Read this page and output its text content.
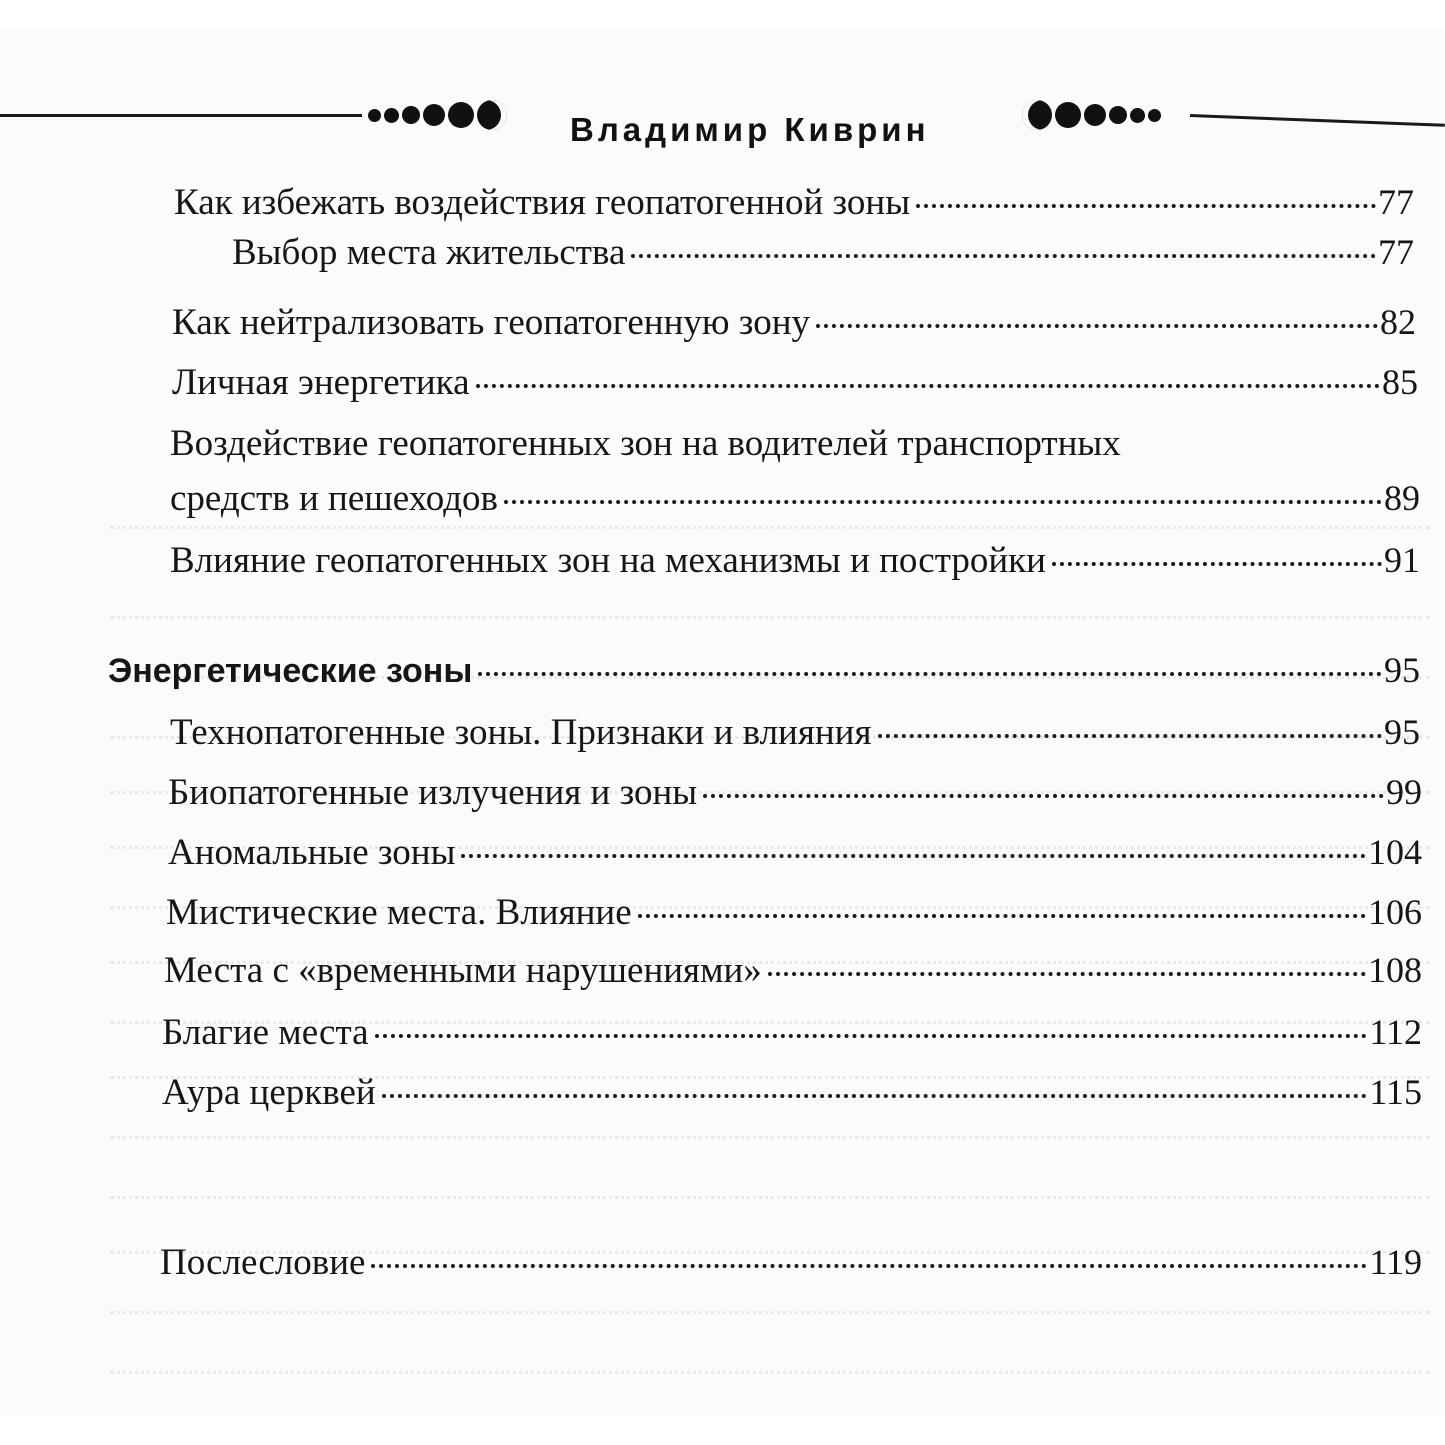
Владимир Киврин
Как избежать воздействия геопатогенной зоны	77
Выбор места жительства	77
Как нейтрализовать геопатогенную зону	82
Личная энергетика	85
Воздействие геопатогенных зон на водителей транспортных
средств и пешеходов	89
Влияние геопатогенных зон на механизмы и постройки	91
Энергетические зоны	95
Технопатогенные зоны. Признаки и влияния	95
Биопатогенные излучения и зоны	99
Аномальные зоны	104
Мистические места. Влияние	106
Места с «временными нарушениями»	108
Благие места	112
Аура церквей	115
Послесловие	119
